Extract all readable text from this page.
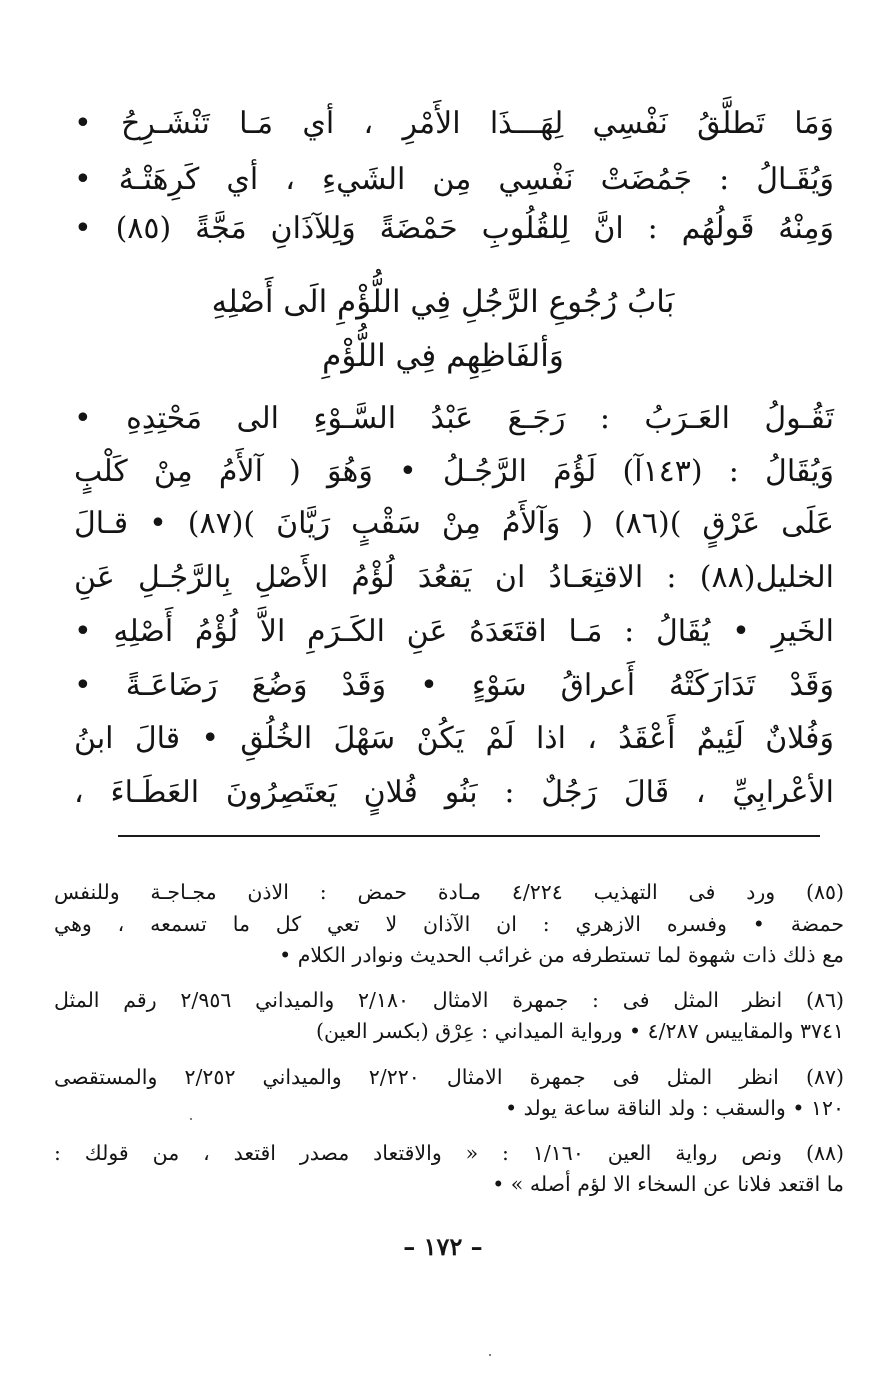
وَمَا تَطلَّقُ نَفْسِي لِهَـــذَا الأَمْرِ ، أي مَـا تَنْشَـرِحُ •
وَيُقَـالُ : جَمُضَتْ نَفْسِي مِن الشَيءِ ، أي كَرِهَتْـهُ •
وَمِنْهُ قَولُهُم : انَّ لِلقُلُوبِ حَمْضَةً وَلِلآذَانِ مَجَّةً (٨٥) •
بَابُ رُجُوعِ الرَّجُلِ فِي اللُّؤْمِ الَى أَصْلِهِ
وَألفَاظِهِم فِي اللُّؤْمِ
تَقُـولُ العَـرَبُ : رَجَـعَ عَبْدُ السَّـوْءِ الى مَحْتِدِهِ •
وَيُقَالُ : (١٤٣آ) لَؤُمَ الرَّجُـلُ • وَهُوَ ( آلأَمُ مِنْ كَلْبٍ
عَلَى عَرْقٍ )(٨٦) ( وَآلأَمُ مِنْ سَقْبٍ رَيَّانَ )(٨٧) • قـالَ
الخليل(٨٨) : الاقتِعَـادُ ان يَقعُدَ لُؤْمُ الأَصْلِ بِالرَّجُـلِ عَنِ
الخَيرِ • يُقَالُ : مَـا اقتَعَدَهُ عَنِ الكَـرَمِ الاَّ لُؤْمُ أَصْلِهِ •
وَقَدْ تَدَارَكَتْهُ أَعراقُ سَوْءٍ • وَقَدْ وَضُعَ رَضَاعَـةً •
وَفُلانٌ لَئِيمٌ أَعْقَدُ ، اذا لَمْ يَكُنْ سَهْلَ الخُلُقِ • قالَ ابنُ
الأعْرابِيِّ ، قَالَ رَجُلٌ : بَنُو فُلانٍ يَعتَصِرُونَ العَطَـاءَ ،
(٨٥) ورد فى التهذيب ٤/٢٢٤ مـادة حمض : الاذن مجـاجـة وللنفس
حمضة • وفسره الازهري : ان الآذان لا تعي كل ما تسمعه ، وهي
مع ذلك ذات شهوة لما تستطرفه من غرائب الحديث ونوادر الكلام •
(٨٦) انظر المثل فى : جمهرة الامثال ٢/١٨٠ والميداني ٢/٩٥٦ رقم المثل
٣٧٤١ والمقاييس ٤/٢٨٧ • ورواية الميداني : عِرْق (بكسر العين)
(٨٧) انظر المثل فى جمهرة الامثال ٢/٢٢٠ والميداني ٢/٢٥٢ والمستقصى
١٢٠ • والسقب : ولد الناقة ساعة يولد •
(٨٨) ونص رواية العين ١/١٦٠ : « والاقتعاد مصدر اقتعد ، من قولك :
ما اقتعد فلانا عن السخاء الا لؤم أصله » •
– ١٧٢ –
